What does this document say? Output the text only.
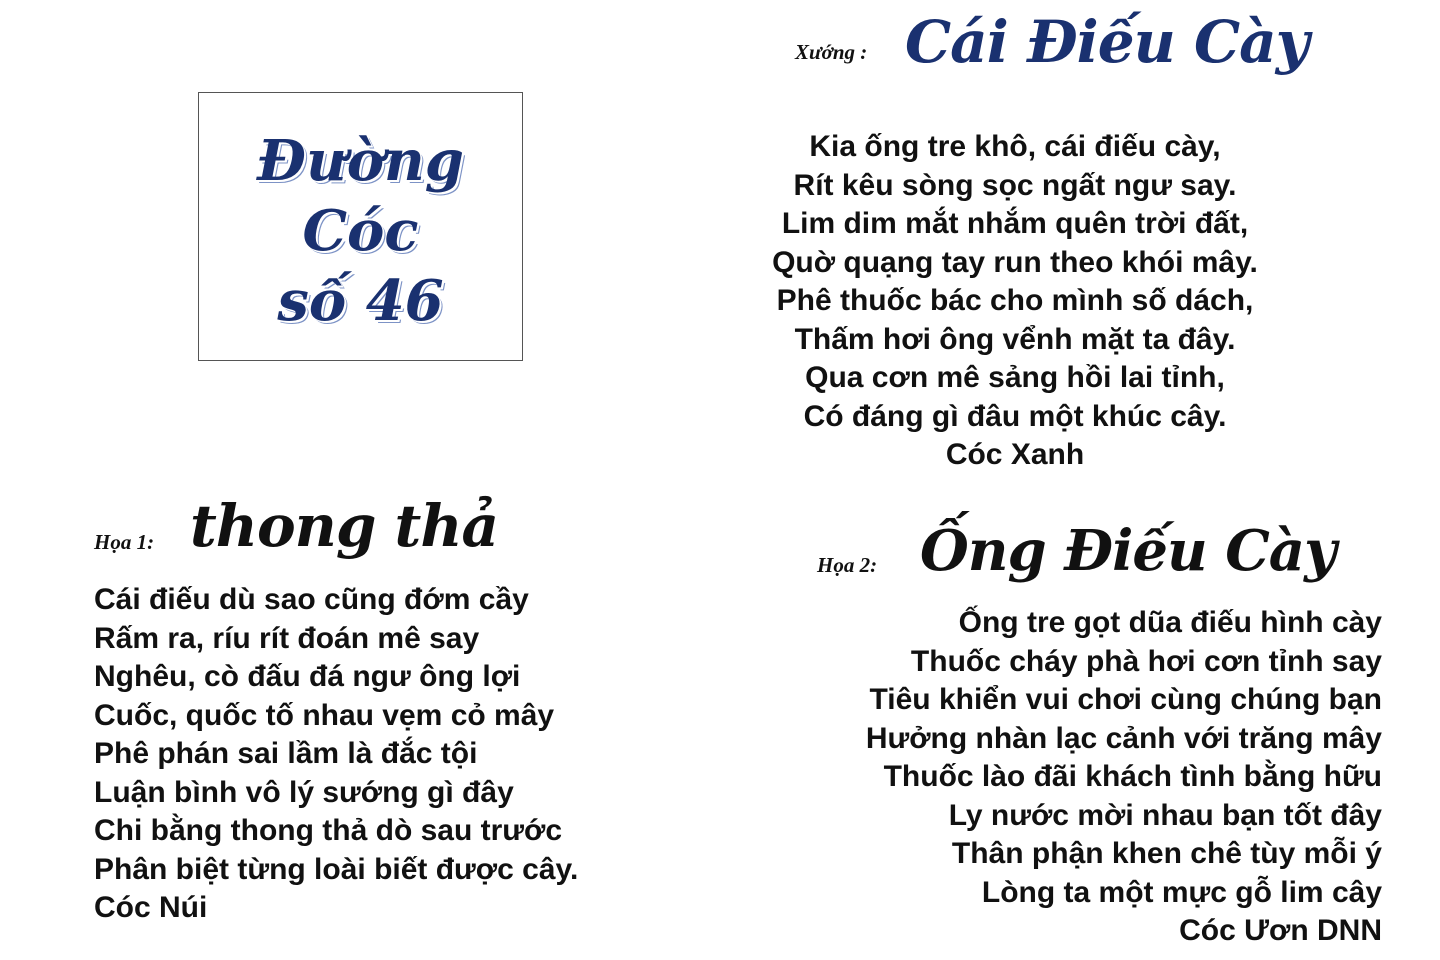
Đường
Cóc
số 46
Xướng : Cái Điếu Cày
Kia ống tre khô, cái điếu cày,
Rít kêu sòng sọc ngất ngư say.
Lim dim mắt nhắm quên trời đất,
Quờ quạng tay run theo khói mây.
Phê thuốc bác cho mình số dách,
Thấm hơi ông vểnh mặt ta đây.
Qua cơn mê sảng hồi lai tỉnh,
Có đáng gì đâu một khúc cây.
Cóc Xanh
Họa 1: thong thả
Cái điếu dù sao cũng đớm cầy
Rấm ra, ríu rít đoán mê say
Nghêu, cò đấu đá ngư ông lợi
Cuốc, quốc tố nhau vẹm cỏ mây
Phê phán sai lầm là đắc tội
Luận bình vô lý sướng gì đây
Chi bằng thong thả dò sau trước
Phân biệt từng loài biết được cây.
Cóc Núi
Họa 2: Ống Điếu Cày
Ống tre gọt dũa điếu hình cày
Thuốc cháy phà hơi cơn tỉnh say
Tiêu khiển vui chơi cùng chúng bạn
Hưởng nhàn lạc cảnh với trăng mây
Thuốc lào đãi khách tình bằng hữu
Ly nước mời nhau bạn tốt đây
Thân phận khen chê tùy mỗi ý
Lòng ta một mực gỗ lim cây
Cóc Ươn DNN
